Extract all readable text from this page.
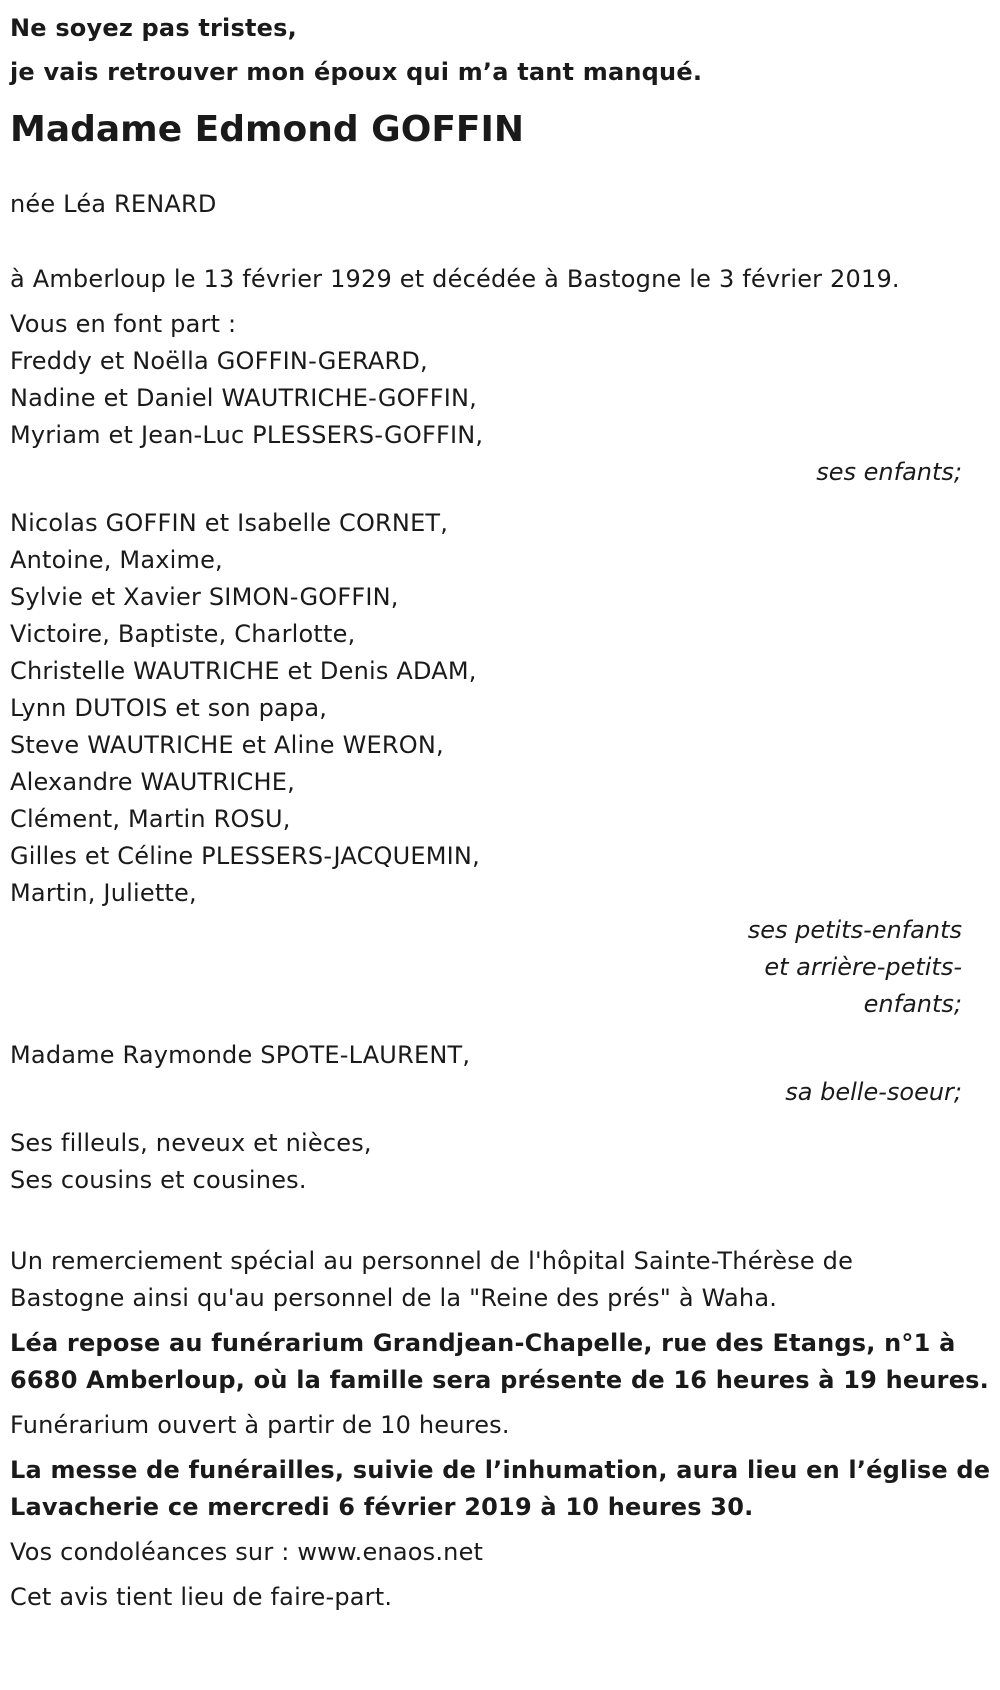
Ne soyez pas tristes,
je vais retrouver mon époux qui m’a tant manqué.
Madame Edmond GOFFIN
née Léa RENARD
à Amberloup le 13 février 1929 et décédée à Bastogne le 3 février 2019.
Vous en font part :
Freddy et Noëlla GOFFIN-GERARD,
Nadine et Daniel WAUTRICHE-GOFFIN,
Myriam et Jean-Luc PLESSERS-GOFFIN,
ses enfants;
Nicolas GOFFIN et Isabelle CORNET,
Antoine, Maxime,
Sylvie et Xavier SIMON-GOFFIN,
Victoire, Baptiste, Charlotte,
Christelle WAUTRICHE et Denis ADAM,
Lynn DUTOIS et son papa,
Steve WAUTRICHE et Aline WERON,
Alexandre WAUTRICHE,
Clément, Martin ROSU,
Gilles et Céline PLESSERS-JACQUEMIN,
Martin, Juliette,
ses petits-enfants et arrière-petits-enfants;
Madame Raymonde SPOTE-LAURENT,
sa belle-soeur;
Ses filleuls, neveux et nièces,
Ses cousins et cousines.
Un remerciement spécial au personnel de l'hôpital Sainte-Thérèse de
Bastogne ainsi qu'au personnel de la "Reine des prés" à Waha.
Léa repose au funérarium Grandjean-Chapelle, rue des Etangs, n°1 à
6680 Amberloup, où la famille sera présente de 16 heures à 19 heures.
Funérarium ouvert à partir de 10 heures.
La messe de funérailles, suivie de l’inhumation, aura lieu en l’église de
Lavacherie ce mercredi 6 février 2019 à 10 heures 30.
Vos condoléances sur : www.enaos.net
Cet avis tient lieu de faire-part.
